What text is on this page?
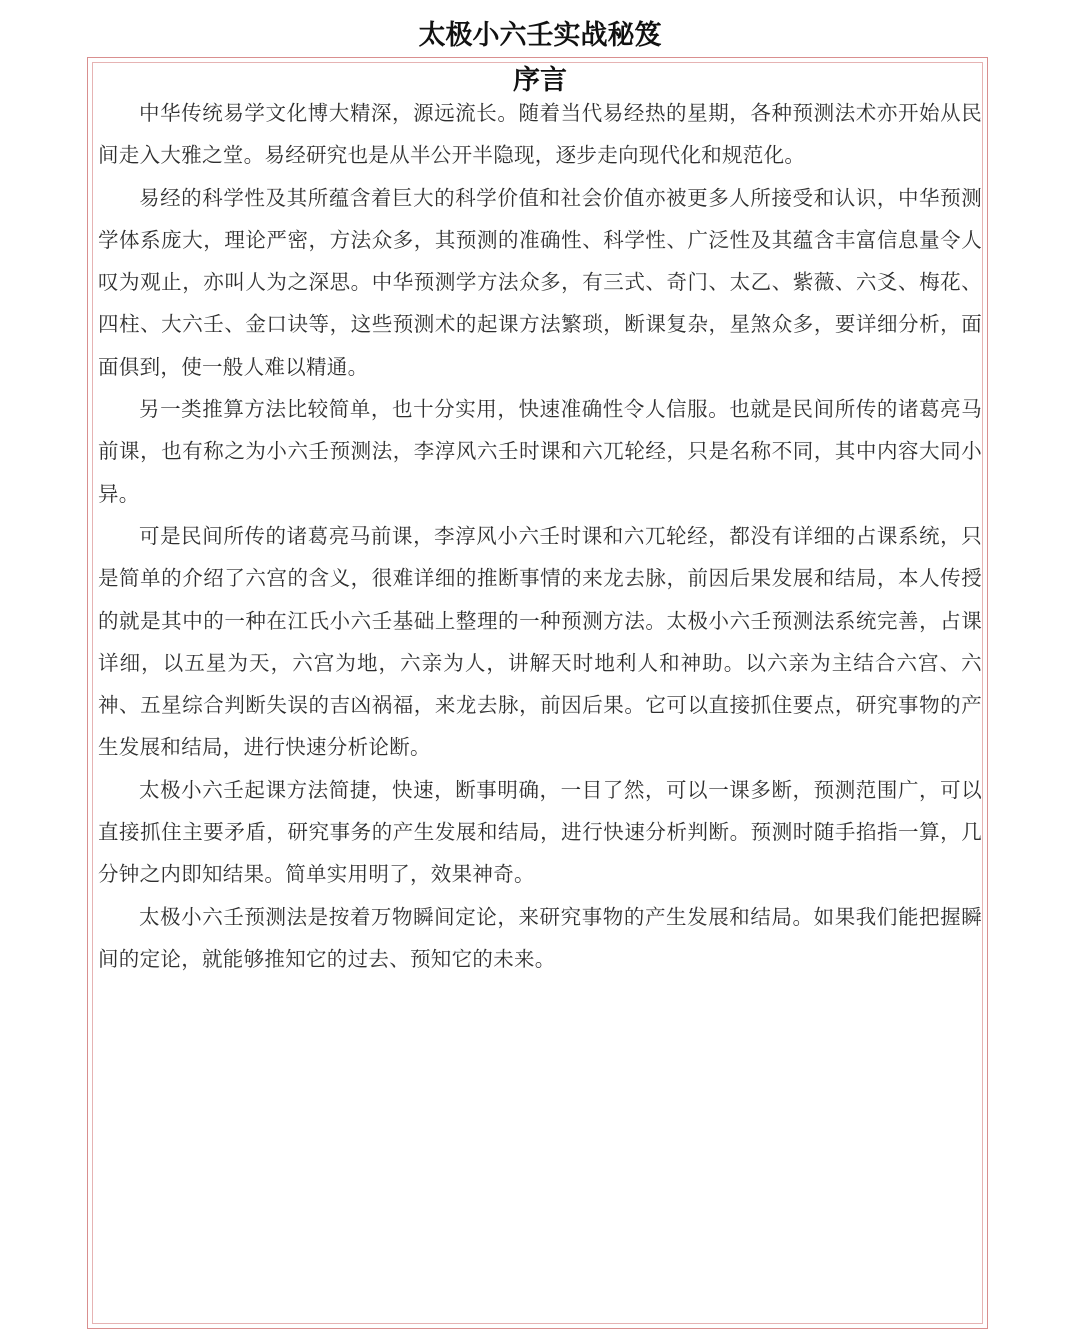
太极小六壬实战秘笈
序言

中华传统易学文化博大精深，源远流长。随着当代易经热的星期，各种预测法术亦开始从民间走入大雅之堂。易经研究也是从半公开半隐现，逐步走向现代化和规范化。

易经的科学性及其所蕴含着巨大的科学价值和社会价值亦被更多人所接受和认识，中华预测学体系庞大，理论严密，方法众多，其预测的准确性、科学性、广泛性及其蕴含丰富信息量令人叹为观止，亦叫人为之深思。中华预测学方法众多，有三式、奇门、太乙、紫薇、六爻、梅花、四柱、大六壬、金口诀等，这些预测术的起课方法繁琐，断课复杂，星煞众多，要详细分析，面面俱到，使一般人难以精通。

另一类推算方法比较简单，也十分实用，快速准确性令人信服。也就是民间所传的诸葛亮马前课，也有称之为小六壬预测法，李淳风六壬时课和六兀轮经，只是名称不同，其中内容大同小异。

可是民间所传的诸葛亮马前课，李淳风小六壬时课和六兀轮经，都没有详细的占课系统，只是简单的介绍了六宫的含义，很难详细的推断事情的来龙去脉，前因后果发展和结局，本人传授的就是其中的一种在江氏小六壬基础上整理的一种预测方法。太极小六壬预测法系统完善，占课详细，以五星为天，六宫为地，六亲为人，讲解天时地利人和神助。以六亲为主结合六宫、六神、五星综合判断失误的吉凶祸福，来龙去脉，前因后果。它可以直接抓住要点，研究事物的产生发展和结局，进行快速分析论断。

太极小六壬起课方法简捷，快速，断事明确，一目了然，可以一课多断，预测范围广，可以直接抓住主要矛盾，研究事务的产生发展和结局，进行快速分析判断。预测时随手掐指一算，几分钟之内即知结果。简单实用明了，效果神奇。

太极小六壬预测法是按着万物瞬间定论，来研究事物的产生发展和结局。如果我们能把握瞬间的定论，就能够推知它的过去、预知它的未来。
